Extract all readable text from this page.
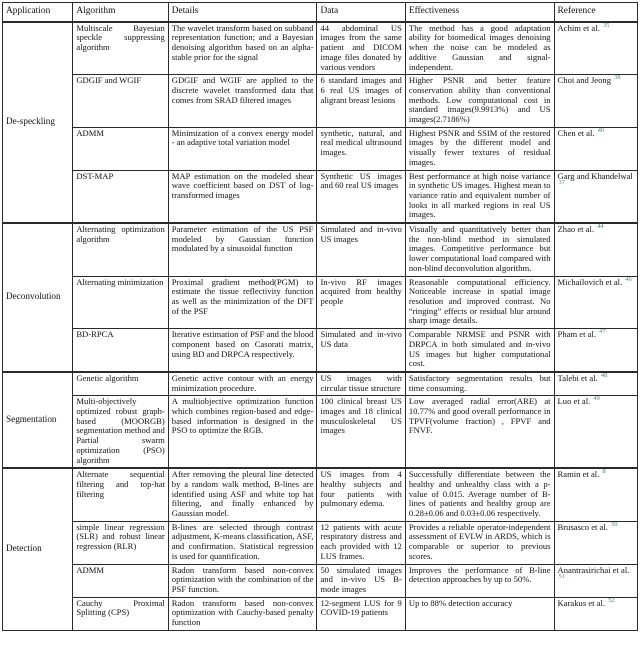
Application	Algorithm	Details	Data	Effectiveness	Reference
De-speckling	Multiscale Bayesian speckle suppressing algorithm	The wavelet transform based on subband representation function; and a Bayesian denoising algorithm based on an alpha-stable prior for the signal	44 abdominal US images from the same patient and DICOM image files donated by various vendors	The method has a good adaptation ability for biomedical images denoising when the noise can be modeled as additive Gaussian and signal-independent.	Achim et al. $^{35}$
	GDGIF and WGIF	GDGIF and WGIF are applied to the discrete wavelet transformed data that comes from SRAD filtered images	6 standard images and 6 real US images of aligrant breast lesions	Higher PSNR and better feature conservation ability than conventional methods. Low computational cost in standard images(9.9913%) and US images(2.7186%)	Choi and Jeong $^{38}$
	ADMM	Minimization of a convex energy model - an adaptive total variation model	synthetic, natural, and real medical ultrasound images.	Highest PSNR and SSIM of the restored images by the different model and visually fewer textures of residual images.	Chen et al. $^{40}$
	DST-MAP	MAP estimation on the modeled shear wave coefficient based on DST of log-transformed images	Synthetic US images and 60 real US images	Best performance at high noise variance in synthetic US images. Highest mean to variance ratio and equivalent number of looks in all marked regions in real US images.	Garg and Khandelwal $^{37}$
Deconvolution	Alternating optimization algorithm	Parameter estimation of the US PSF modeled by Gaussian function modulated by a sinusoidal function	Simulated and in-vivo US images	Visually and quantitatively better than the non-blind method in simulated images. Competitive performance but lower computational load compared with non-blind deconvolution algorithm.	Zhao et al. $^{44}$
	Alternating minimization	Proximal gradient method(PGM) to estimate the tissue reflectivity function as well as the minimization of the DFT of the PSF	In-vivo RF images acquired from healthy people	Reasonable computational efficiency. Noticeable increase in spatial image resolution and improved contrast. No “ringing” effects or residual blur around sharp image details.	Michailovich et al. $^{46}$
	BD-RPCA	Iterative estimation of PSF and the blood component based on Casorati matrix, using BD and DRPCA respectively.	Simulated and in-vivo US data	Comparable NRMSE and PSNR with DRPCA in both simulated and in-vivo US images but higher computational cost.	Pham et al. $^{47}$
Segmentation	Genetic algorithm	Genetic active contour with an energy minimization procedure.	US images with circular tissue structure	Satisfactory segmentation results but time consuming.	Talebi et al. $^{48}$
	Multi-objectively optimized robust graph-based (MOORGB) segmentation method and Partial swarm optimization (PSO) algorithm	A multiobjective optimization function which combines region-based and edge-based information is designed in the PSO to optimize the RGB.	100 clinical breast US images and 18 clinical musculoskeletal US images	Low averaged radial error(ARE) at 10.77% and good overall performance in TPVF(volume fraction) , FPVF and FNVF.	Luo et al. $^{49}$
Detection	Alternate sequential filtering and top-hat filtering	After removing the pleural line detected by a random walk method, B-lines are identified using ASF and white top hat filtering, and finally enhanced by Gaussian model.	US images from 4 healthy subjects and four patients with pulmonary edema.	Successfully differentiate between the healthy and unhealthy class with a p-value of 0.015. Average number of B-lines of patients and healthy group are 0.28±0.06 and 0.03±0.06 respectively.	Ramin et al. $^8$
	simple linear regression (SLR) and robust linear regression (RLR)	B-lines are selected through contrast adjustment, K-means classification, ASF, and confirmation. Statistical regression is used for quantification.	12 patients with acute respiratory distress and each provided with 12 LUS frames.	Provides a reliable operator-independent assessment of EVLW in ARDS, which is comparable or superior to previous scores.	Brusasco et al. $^{50}$
	ADMM	Radon transform based non-convex optimization with the combination of the PSF function.	50 simulated images and in-vivo US B-mode images	Improves the performance of B-line detection approaches by up to 50%.	Anantrasirichai et al. $^{51}$
	Cauchy Proximal Splitting (CPS)	Radon transform based non-convex optimization with Cauchy-based penalty function	12-segment LUS for 9 COVID-19 patients	Up to 88% detection accuracy	Karakus et al. $^{52}$
